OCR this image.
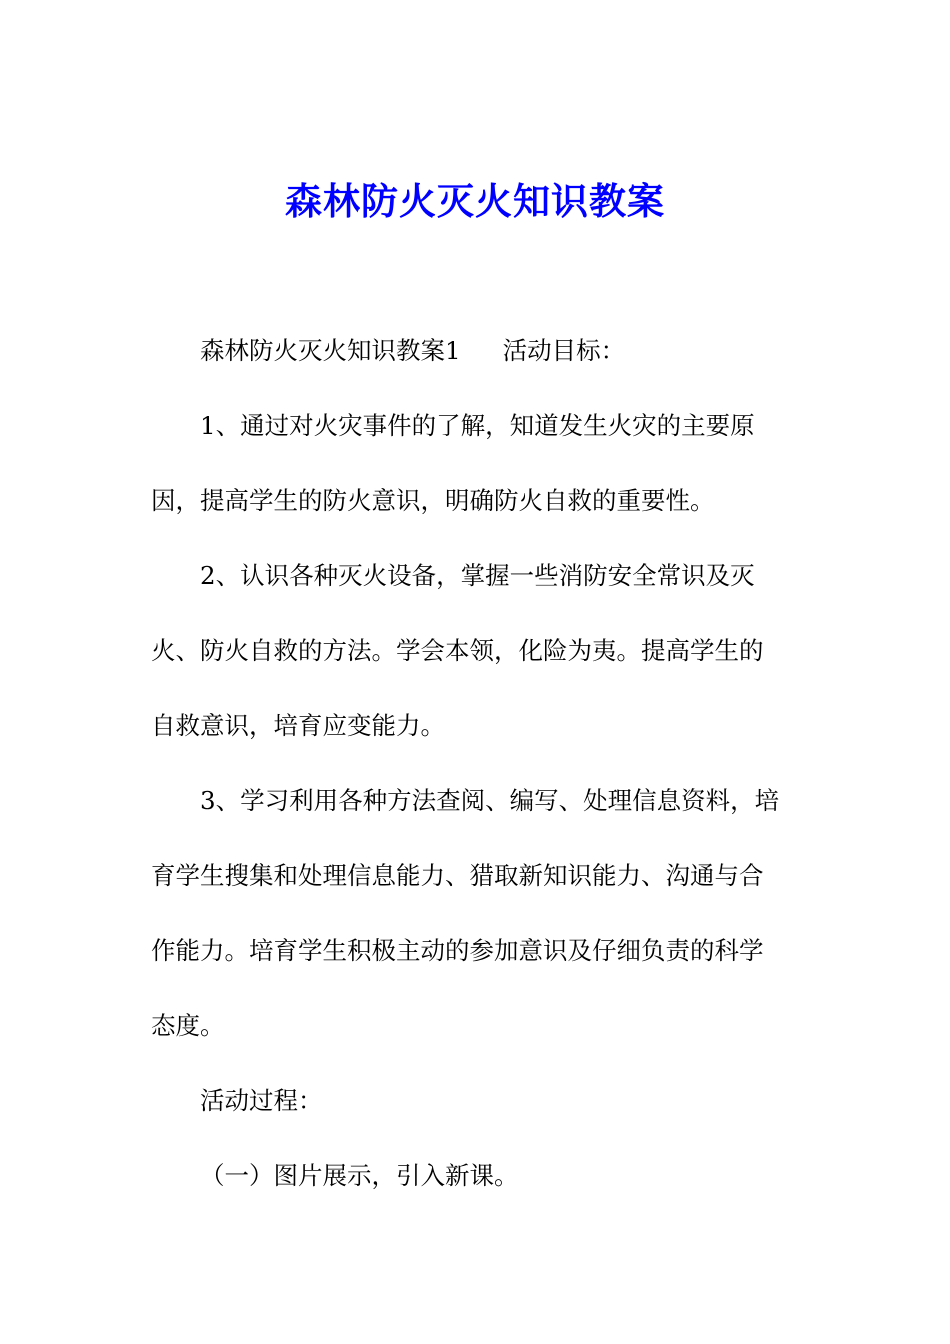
森林防火灭火知识教案
森林防火灭火知识教案1 活动目标：
1、通过对火灾事件的了解，知道发生火灾的主要原
因，提高学生的防火意识，明确防火自救的重要性。
2、认识各种灭火设备，掌握一些消防安全常识及灭
火、防火自救的方法。学会本领，化险为夷。提高学生的
自救意识，培育应变能力。
3、学习利用各种方法查阅、编写、处理信息资料，培
育学生搜集和处理信息能力、猎取新知识能力、沟通与合
作能力。培育学生积极主动的参加意识及仔细负责的科学
态度。
活动过程：
（一）图片展示，引入新课。
